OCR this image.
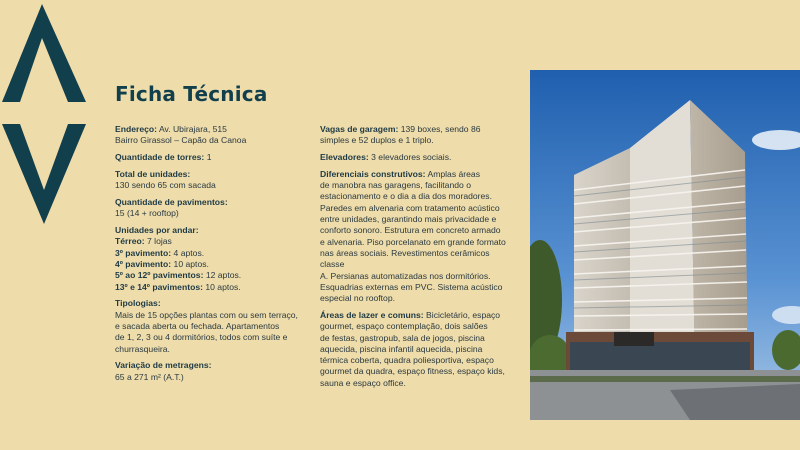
Ficha Técnica
Endereço: Av. Ubirajara, 515
Bairro Girassol – Capão da Canoa
Quantidade de torres: 1
Total de unidades:
130 sendo 65 com sacada
Quantidade de pavimentos:
15 (14 + rooftop)
Unidades por andar:
Térreo: 7 lojas
3º pavimento: 4 aptos.
4º pavimento: 10 aptos.
5º ao 12º pavimentos: 12 aptos.
13º e 14º pavimentos: 10 aptos.
Tipologias:
Mais de 15 opções plantas com ou sem terraço,
e sacada aberta ou fechada. Apartamentos
de 1, 2, 3 ou 4 dormitórios, todos com suíte e
churrasqueira.
Variação de metragens:
65 a 271 m² (A.T.)
Vagas de garagem: 139 boxes, sendo 86
simples e 52 duplos e 1 triplo.
Elevadores: 3 elevadores sociais.
Diferenciais construtivos: Amplas áreas
de manobra nas garagens, facilitando o
estacionamento e o dia a dia dos moradores.
Paredes em alvenaria com tratamento acústico
entre unidades, garantindo mais privacidade e
conforto sonoro. Estrutura em concreto armado
e alvenaria. Piso porcelanato em grande formato
nas áreas sociais. Revestimentos cerâmicos classe
A. Persianas automatizadas nos dormitórios.
Esquadrias externas em PVC. Sistema acústico
especial no rooftop.
Áreas de lazer e comuns: Bicicletário, espaço
gourmet, espaço contemplação, dois salões
de festas, gastropub, sala de jogos, piscina
aquecida, piscina infantil aquecida, piscina
térmica coberta, quadra poliesportiva, espaço
gourmet da quadra, espaço fitness, espaço kids,
sauna e espaço office.
